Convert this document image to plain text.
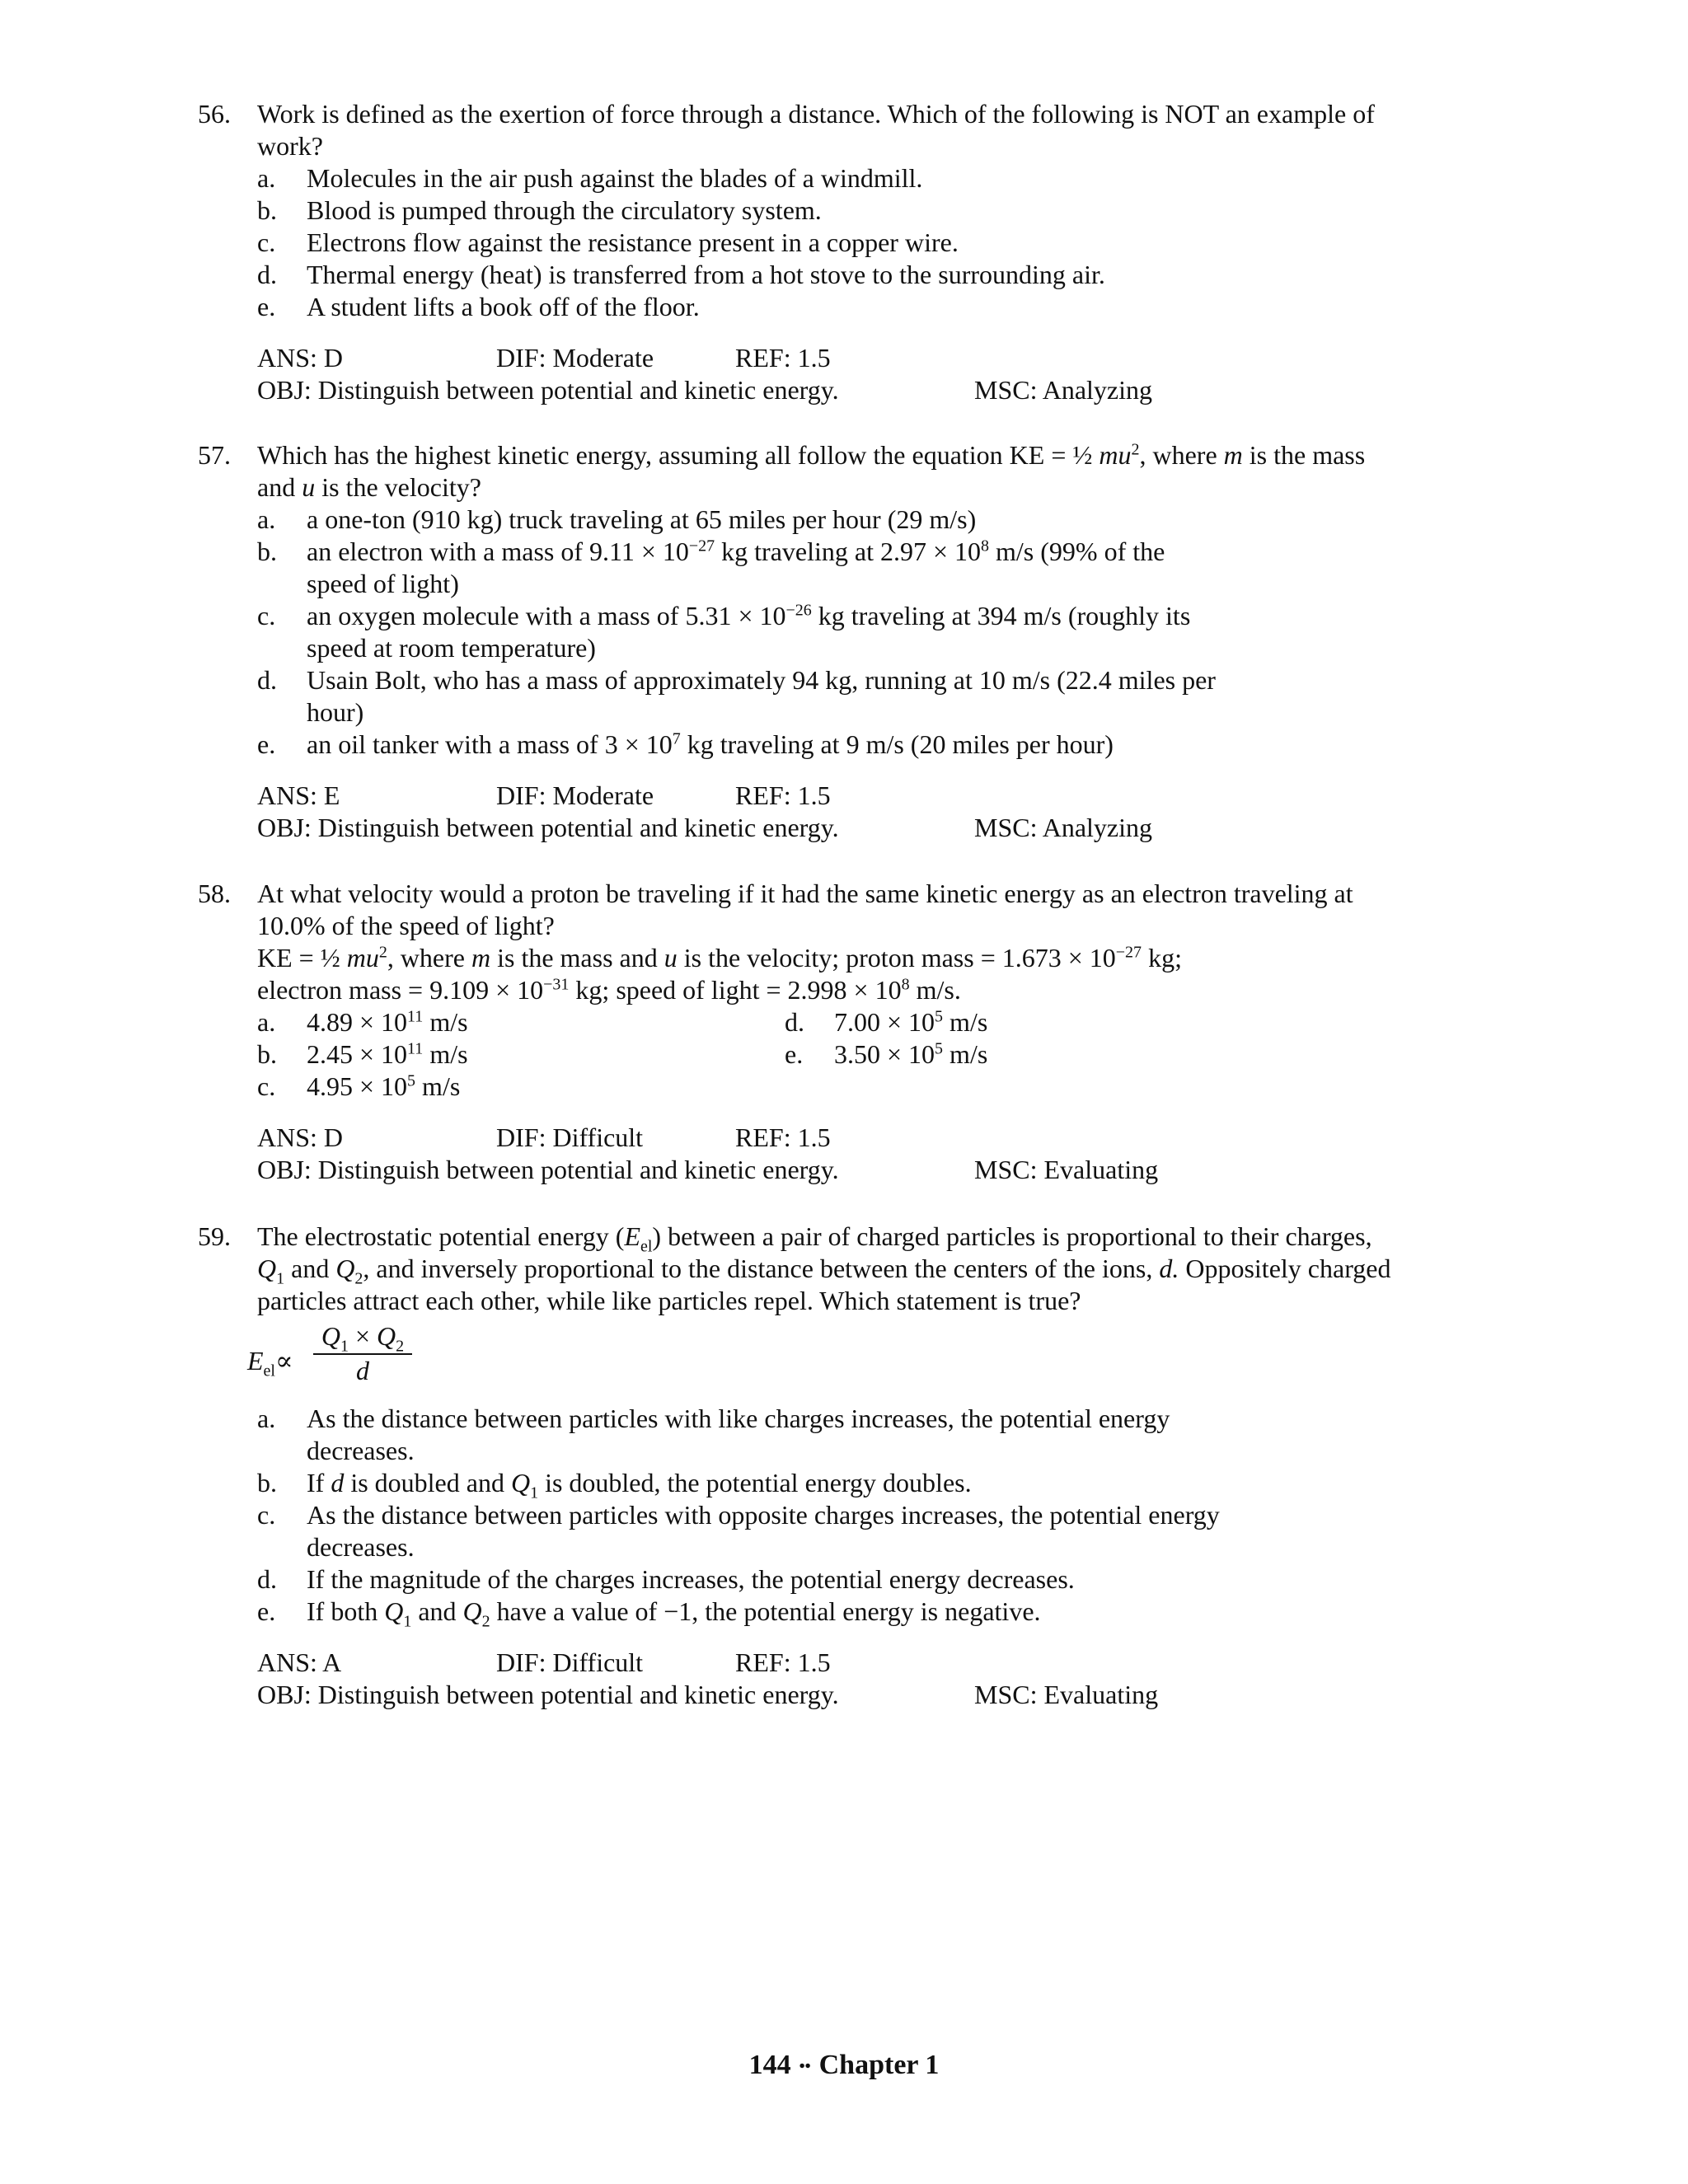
56.	Work is defined as the exertion of force through a distance. Which of the following is NOT an example of work?
a.	Molecules in the air push against the blades of a windmill.
b.	Blood is pumped through the circulatory system.
c.	Electrons flow against the resistance present in a copper wire.
d.	Thermal energy (heat) is transferred from a hot stove to the surrounding air.
e.	A student lifts a book off of the floor.
ANS: D	DIF: Moderate	REF: 1.5
OBJ: Distinguish between potential and kinetic energy.	MSC: Analyzing
57.	Which has the highest kinetic energy, assuming all follow the equation KE = ½ $mu^2$, where m is the mass and u is the velocity?
a.	a one-ton (910 kg) truck traveling at 65 miles per hour (29 m/s)
b.	an electron with a mass of $9.11 \times 10^{-27}$ kg traveling at $2.97 \times 10^8$ m/s (99% of the speed of light)
c.	an oxygen molecule with a mass of $5.31 \times 10^{-26}$ kg traveling at 394 m/s (roughly its speed at room temperature)
d.	Usain Bolt, who has a mass of approximately 94 kg, running at 10 m/s (22.4 miles per hour)
e.	an oil tanker with a mass of $3 \times 10^7$ kg traveling at 9 m/s (20 miles per hour)
ANS: E	DIF: Moderate	REF: 1.5
OBJ: Distinguish between potential and kinetic energy.	MSC: Analyzing
58.	At what velocity would a proton be traveling if it had the same kinetic energy as an electron traveling at 10.0% of the speed of light?
KE = ½ $mu^2$, where m is the mass and u is the velocity; proton mass = $1.673 \times 10^{-27}$ kg;
electron mass = $9.109 \times 10^{-31}$ kg; speed of light = $2.998 \times 10^8$ m/s.
a.	$4.89 \times 10^{11}$ m/s
b.	$2.45 \times 10^{11}$ m/s
c.	$4.95 \times 10^5$ m/s
d.	$7.00 \times 10^5$ m/s
e.	$3.50 \times 10^5$ m/s
ANS: D	DIF: Difficult	REF: 1.5
OBJ: Distinguish between potential and kinetic energy.	MSC: Evaluating
59.	The electrostatic potential energy $(E_{el})$ between a pair of charged particles is proportional to their charges, $Q_1$ and $Q_2$, and inversely proportional to the distance between the centers of the ions, d. Oppositely charged particles attract each other, while like particles repel. Which statement is true?
$E_{el}\propto \frac{Q_1 \times Q_2}{d}$
a.	As the distance between particles with like charges increases, the potential energy decreases.
b.	If d is doubled and $Q_1$ is doubled, the potential energy doubles.
c.	As the distance between particles with opposite charges increases, the potential energy decreases.
d.	If the magnitude of the charges increases, the potential energy decreases.
e.	If both $Q_1$ and $Q_2$ have a value of −1, the potential energy is negative.
ANS: A	DIF: Difficult	REF: 1.5
OBJ: Distinguish between potential and kinetic energy.	MSC: Evaluating
144  ••  Chapter 1
